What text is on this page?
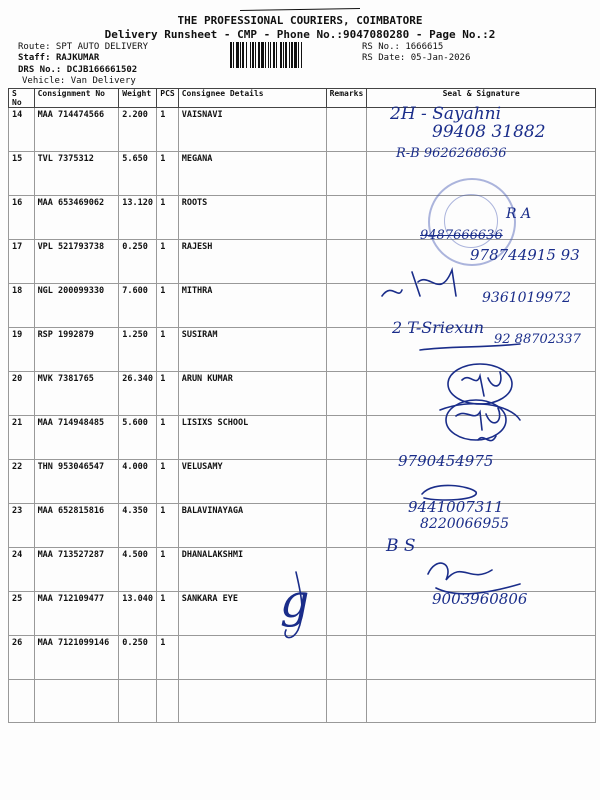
THE PROFESSIONAL COURIERS, COIMBATORE
Delivery Runsheet - CMP - Phone No.:9047080280 - Page No.:2
Route: SPT AUTO DELIVERY
Staff: RAJKUMAR
DRS No.: DCJB166661502
Vehicle: Van Delivery
RS No.: 1666615
RS Date: 05-Jan-2026
S No	Consignment No	Weight	PCS	Consignee Details	Remarks	Seal & Signature
14	MAA 714474566	2.200	1	VAISNAVI		
15	TVL 7375312	5.650	1	MEGANA		
16	MAA 653469062	13.120	1	ROOTS		
17	VPL 521793738	0.250	1	RAJESH		
18	NGL 200099330	7.600	1	MITHRA		
19	RSP 1992879	1.250	1	SUSIRAM		
20	MVK 7381765	26.340	1	ARUN KUMAR		
21	MAA 714948485	5.600	1	LISIXS SCHOOL		
22	THN 953046547	4.000	1	VELUSAMY		
23	MAA 652815816	4.350	1	BALAVINAYAGA		
24	MAA 713527287	4.500	1	DHANALAKSHMI		
25	MAA 712109477	13.040	1	SANKARA EYE		
26	MAA 7121099146	0.250	1			

2H - Sayahni
99408 31882
R-B 9626268636
R A
9487666636
978744915 93
9361019972
2 T-Sriexun
92 88702337
9790454975
9441007311
8220066955
B S
9003960806
g
